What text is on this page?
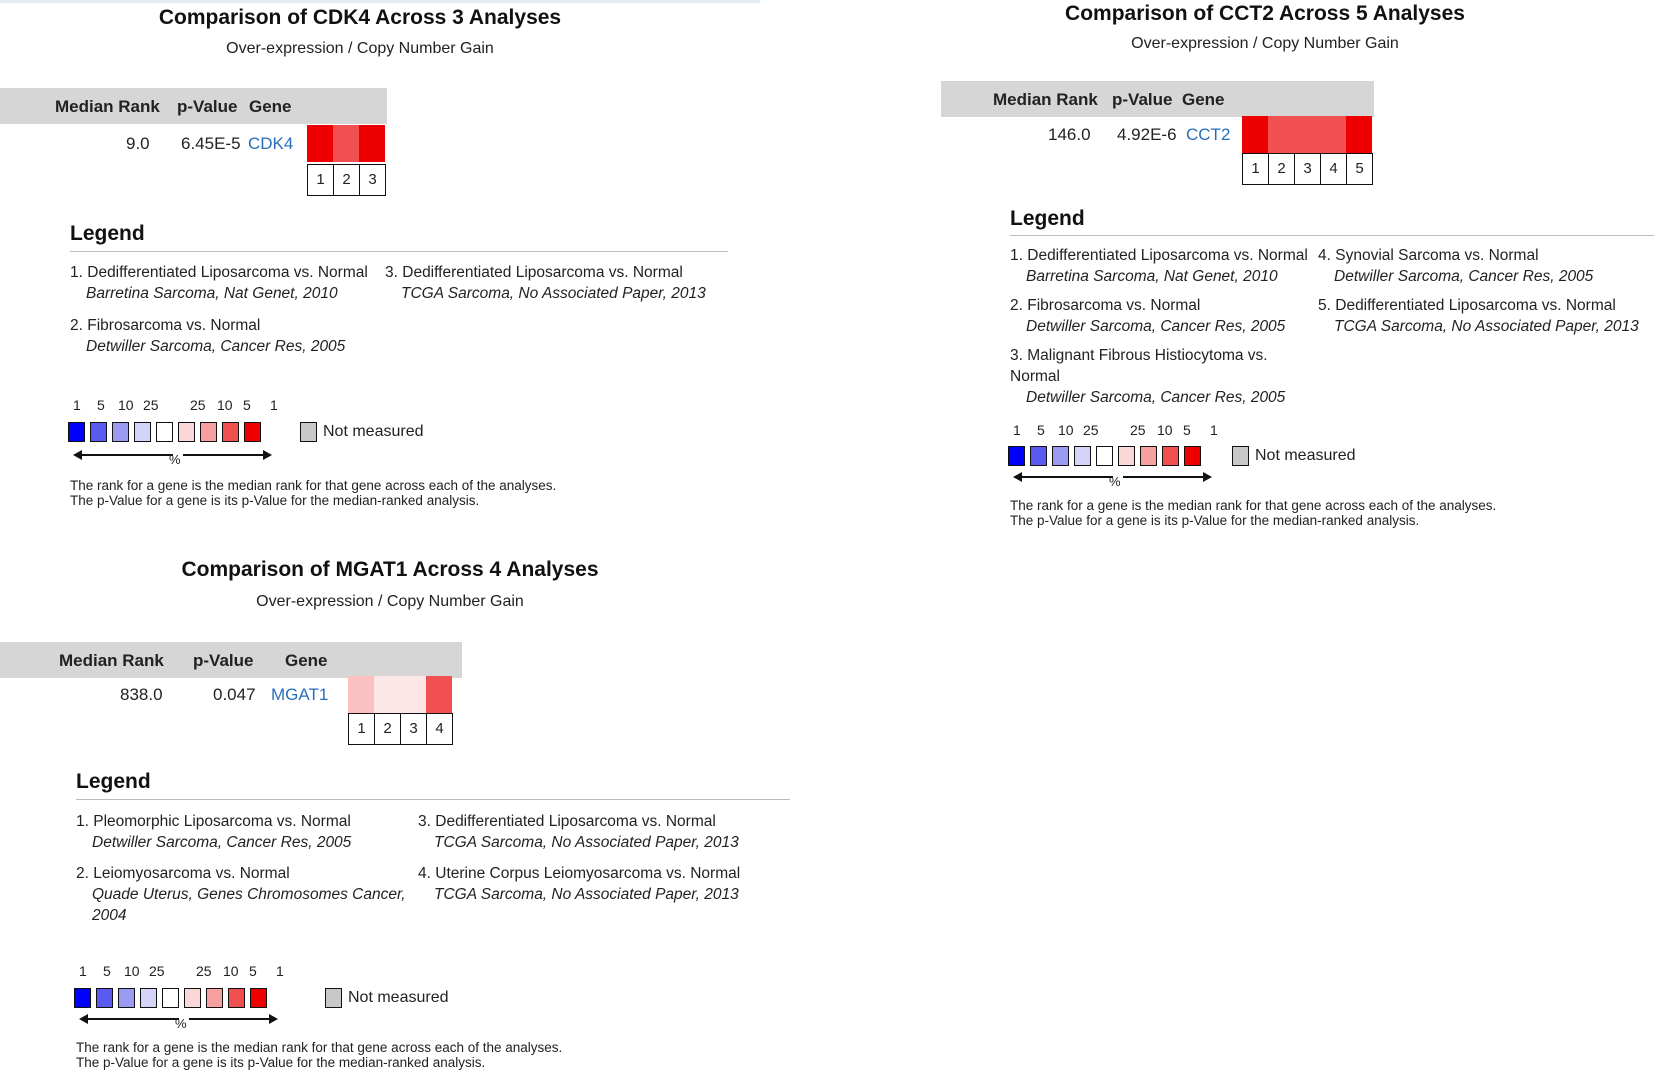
Comparison of CDK4 Across 3 Analyses
Over-expression / Copy Number Gain
Median Rank p-Value Gene
9.0 6.45E-5 CDK4
1	2	3
Legend
1. Dedifferentiated Liposarcoma vs. Normal
Barretina Sarcoma, Nat Genet, 2010
2. Fibrosarcoma vs. Normal
Detwiller Sarcoma, Cancer Res, 2005
3. Dedifferentiated Liposarcoma vs. Normal
TCGA Sarcoma, No Associated Paper, 2013
1 5 10 25 25 10 5 1
Not measured
%
The rank for a gene is the median rank for that gene across each of the analyses.
The p-Value for a gene is its p-Value for the median-ranked analysis.
Comparison of CCT2 Across 5 Analyses
Over-expression / Copy Number Gain
Median Rank p-Value Gene
146.0 4.92E-6 CCT2
1	2	3	4	5
Legend
1. Dedifferentiated Liposarcoma vs. Normal
Barretina Sarcoma, Nat Genet, 2010
2. Fibrosarcoma vs. Normal
Detwiller Sarcoma, Cancer Res, 2005
3. Malignant Fibrous Histiocytoma vs. Normal
Detwiller Sarcoma, Cancer Res, 2005
4. Synovial Sarcoma vs. Normal
Detwiller Sarcoma, Cancer Res, 2005
5. Dedifferentiated Liposarcoma vs. Normal
TCGA Sarcoma, No Associated Paper, 2013
1 5 10 25 25 10 5 1
Not measured
%
The rank for a gene is the median rank for that gene across each of the analyses.
The p-Value for a gene is its p-Value for the median-ranked analysis.
Comparison of MGAT1 Across 4 Analyses
Over-expression / Copy Number Gain
Median Rank p-Value Gene
838.0	0.047 MGAT1
1	2	3	4
Legend
1. Pleomorphic Liposarcoma vs. Normal
Detwiller Sarcoma, Cancer Res, 2005
2. Leiomyosarcoma vs. Normal
Quade Uterus, Genes Chromosomes Cancer, 2004
3. Dedifferentiated Liposarcoma vs. Normal
TCGA Sarcoma, No Associated Paper, 2013
4. Uterine Corpus Leiomyosarcoma vs. Normal
TCGA Sarcoma, No Associated Paper, 2013
1 5 10 25 25 10 5 1
Not measured
%
The rank for a gene is the median rank for that gene across each of the analyses.
The p-Value for a gene is its p-Value for the median-ranked analysis.
